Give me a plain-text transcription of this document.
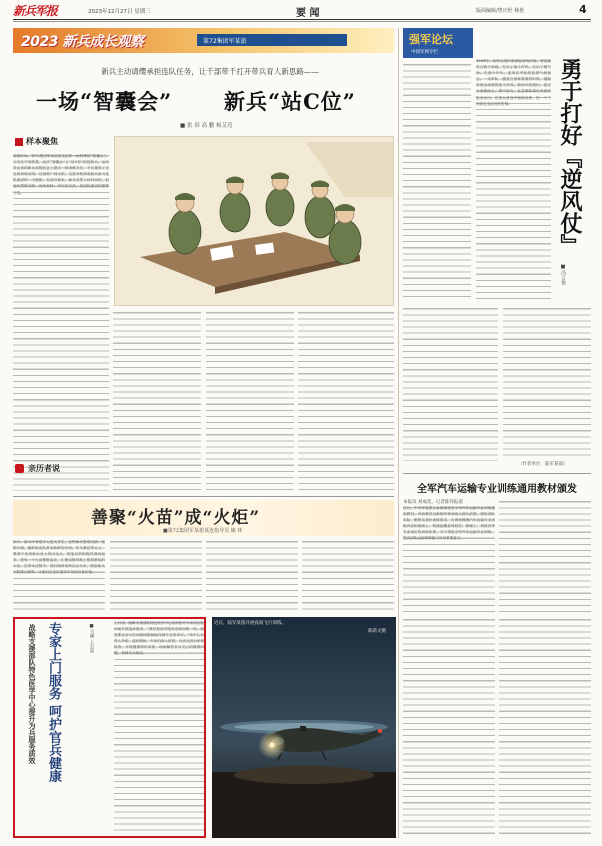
新兵军报	2023年12月27日 星期三	要 闻	版面编辑/曾庆伦 杨艳	4
2023 新兵成长观察	第72集团军某旅
新兵主动请缨承担连队任务，让千部带千打开带兵育人新思路——
一场“智囊会” 新兵“站C位”
■ 张 田 高 鹏 杨艾亮
样本聚焦
前段时间，第72集团军某旅某连组织一场特殊的“智囊会”。与以往不同的是，此次“智囊会”上“站C位”的是新兵。运动员出身的新兵刘翔在会上提出一套训练方法，不仅提高了全连的训练成绩，还被推广到全旅。这是该旅探索新兵参与连队建设的一个缩影。在他们看来，新兵虽然入伍时间短，但他们思维活跃、视角独特、学历层次高，是连队建设的重要力量。
强军论坛
中国军网专栏
1984年，某军区组织某部赴前线作战，曾连续攻占数个高地，打出了战斗作风、打出了精气神。在那个年代，逆风仗考验的是勇气和意志。一支军队，越是在困难重重的时候，越能体现出顽强的战斗作风。新时代的我们，更应当迎难而上、勇于担当，在急难险重任务面前挺身而出，在练兵备战中砥砺品格，把一个个困难变成前进的阶梯。	勇于打好『逆风仗』
■冯言悦
（作者单位：陆军某部）
亲历者说
善聚“火苗”成“火炬”
■第72集团军某旅某连指导员 储 林
如今，新兵中有很多人是大学生，这些新兵思维活跃、视野开阔，能够给连队带来新鲜的东西。作为基层带兵人，要善于发现新兵身上的闪光点，把他们的积极性调动起来，把每一个火苗聚集起来，汇聚成强军路上熊熊燃烧的火炬。在带兵过程中，我们始终坚持以兵为本，鼓励新兵大胆建言献策，让他们在连队建设中找到自身价值。
全军汽车运输专业训练通用教材颁发
本报讯 刘成奕、记者陈伟报道
近日，中央军委联合参谋部颁发全军汽车运输专业训练通用教材。该套教材以新版军事训练大纲为依据，紧贴部队实际，聚焦实战化训练需求，在系统梳理汽车运输专业训练内容的基础上，构建起覆盖驾驶员、修理工、调度员等专业岗位的训练体系，对于规范全军汽车运输专业训练、提高部队运输保障能力具有重要意义。
专家上门服务 呵护官兵健康
战略支援部队特色医学中心提升为兵服务质效	■马刚 上官雨
上月初，战略支援部队特色医学中心组织医疗专家前往驻训地开展巡诊服务。“我们把医疗服务送到训练一线，就是要让官兵在训练间隙就能得到专业的诊疗。”该中心负责人介绍。巡诊期间，专家们深入班排，为官兵进行体格检查，开展健康知识讲座，现场解答官兵关心的健康问题，受到官兵欢迎。
近日，陆军某旅开展夜间飞行训练。
陈新文摄
